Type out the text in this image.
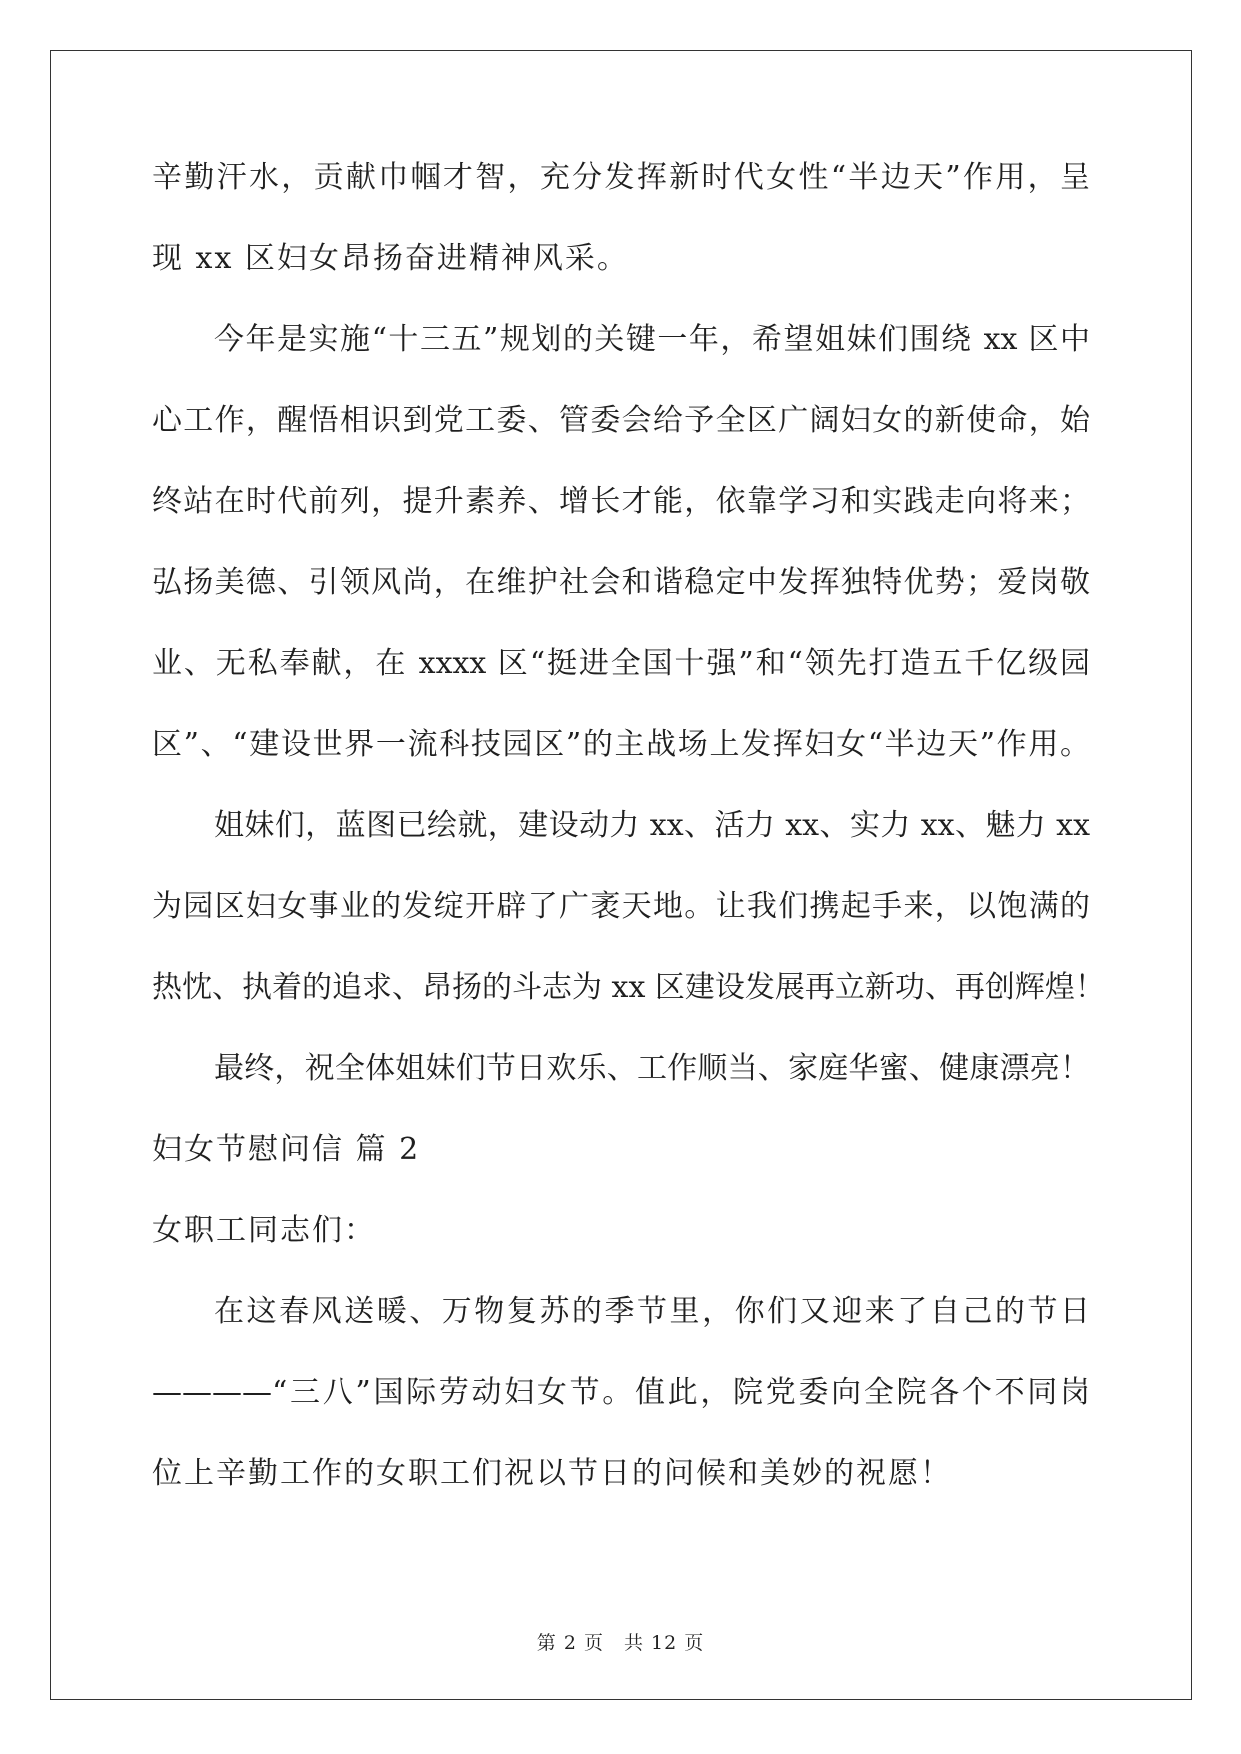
辛勤汗水，贡献巾帼才智，充分发挥新时代女性“半边天”作用，呈
现 xx 区妇女昂扬奋进精神风采。
今年是实施“十三五”规划的关键一年，希望姐妹们围绕 xx 区中
心工作，醒悟相识到党工委、管委会给予全区广阔妇女的新使命，始
终站在时代前列，提升素养、增长才能，依靠学习和实践走向将来；
弘扬美德、引领风尚，在维护社会和谐稳定中发挥独特优势；爱岗敬
业、无私奉献，在 xxxx 区“挺进全国十强”和“领先打造五千亿级园
区”、“建设世界一流科技园区”的主战场上发挥妇女“半边天”作用。
姐妹们，蓝图已绘就，建设动力 xx、活力 xx、实力 xx、魅力 xx
为园区妇女事业的发绽开辟了广袤天地。让我们携起手来，以饱满的
热忱、执着的追求、昂扬的斗志为 xx 区建设发展再立新功、再创辉煌！
最终，祝全体姐妹们节日欢乐、工作顺当、家庭华蜜、健康漂亮！
妇女节慰问信 篇 2
女职工同志们：
在这春风送暖、万物复苏的季节里，你们又迎来了自己的节日
————“三八”国际劳动妇女节。值此，院党委向全院各个不同岗
位上辛勤工作的女职工们祝以节日的问候和美妙的祝愿！
第 2 页　共 12 页
